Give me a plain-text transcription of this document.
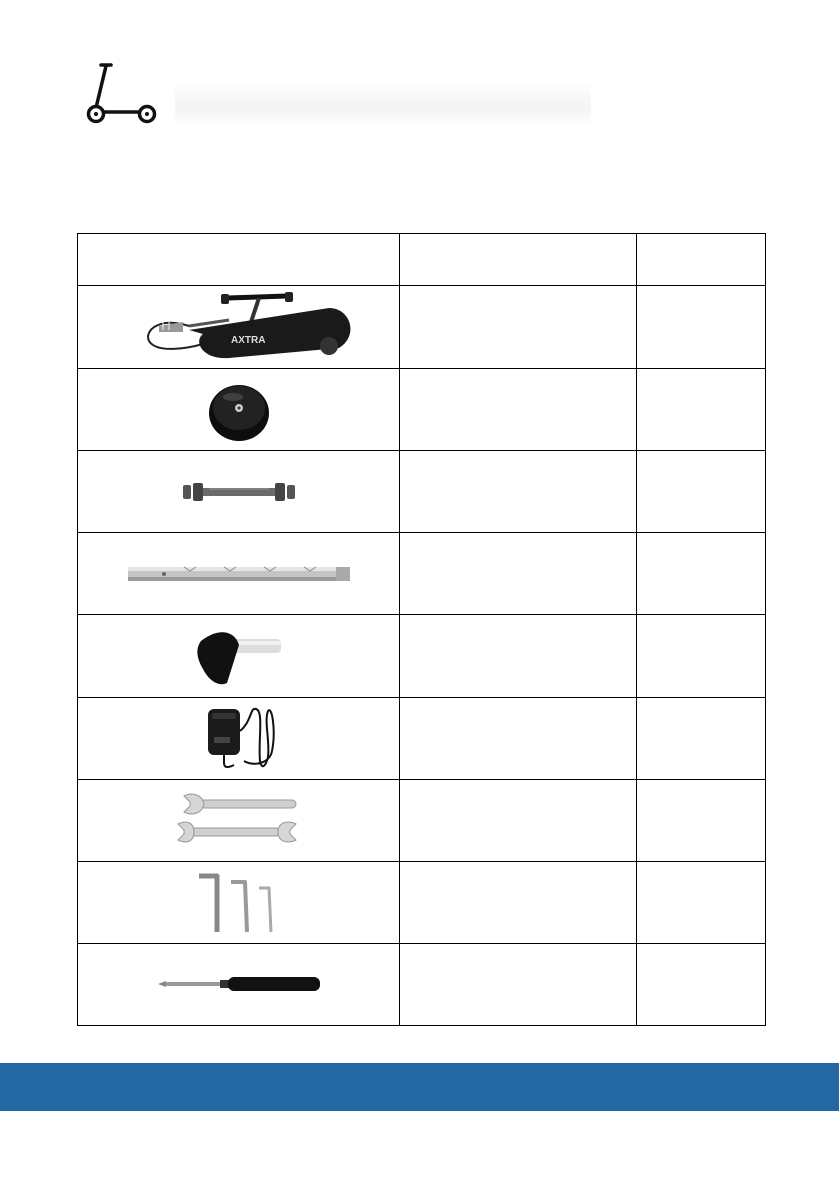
AXTRA		
